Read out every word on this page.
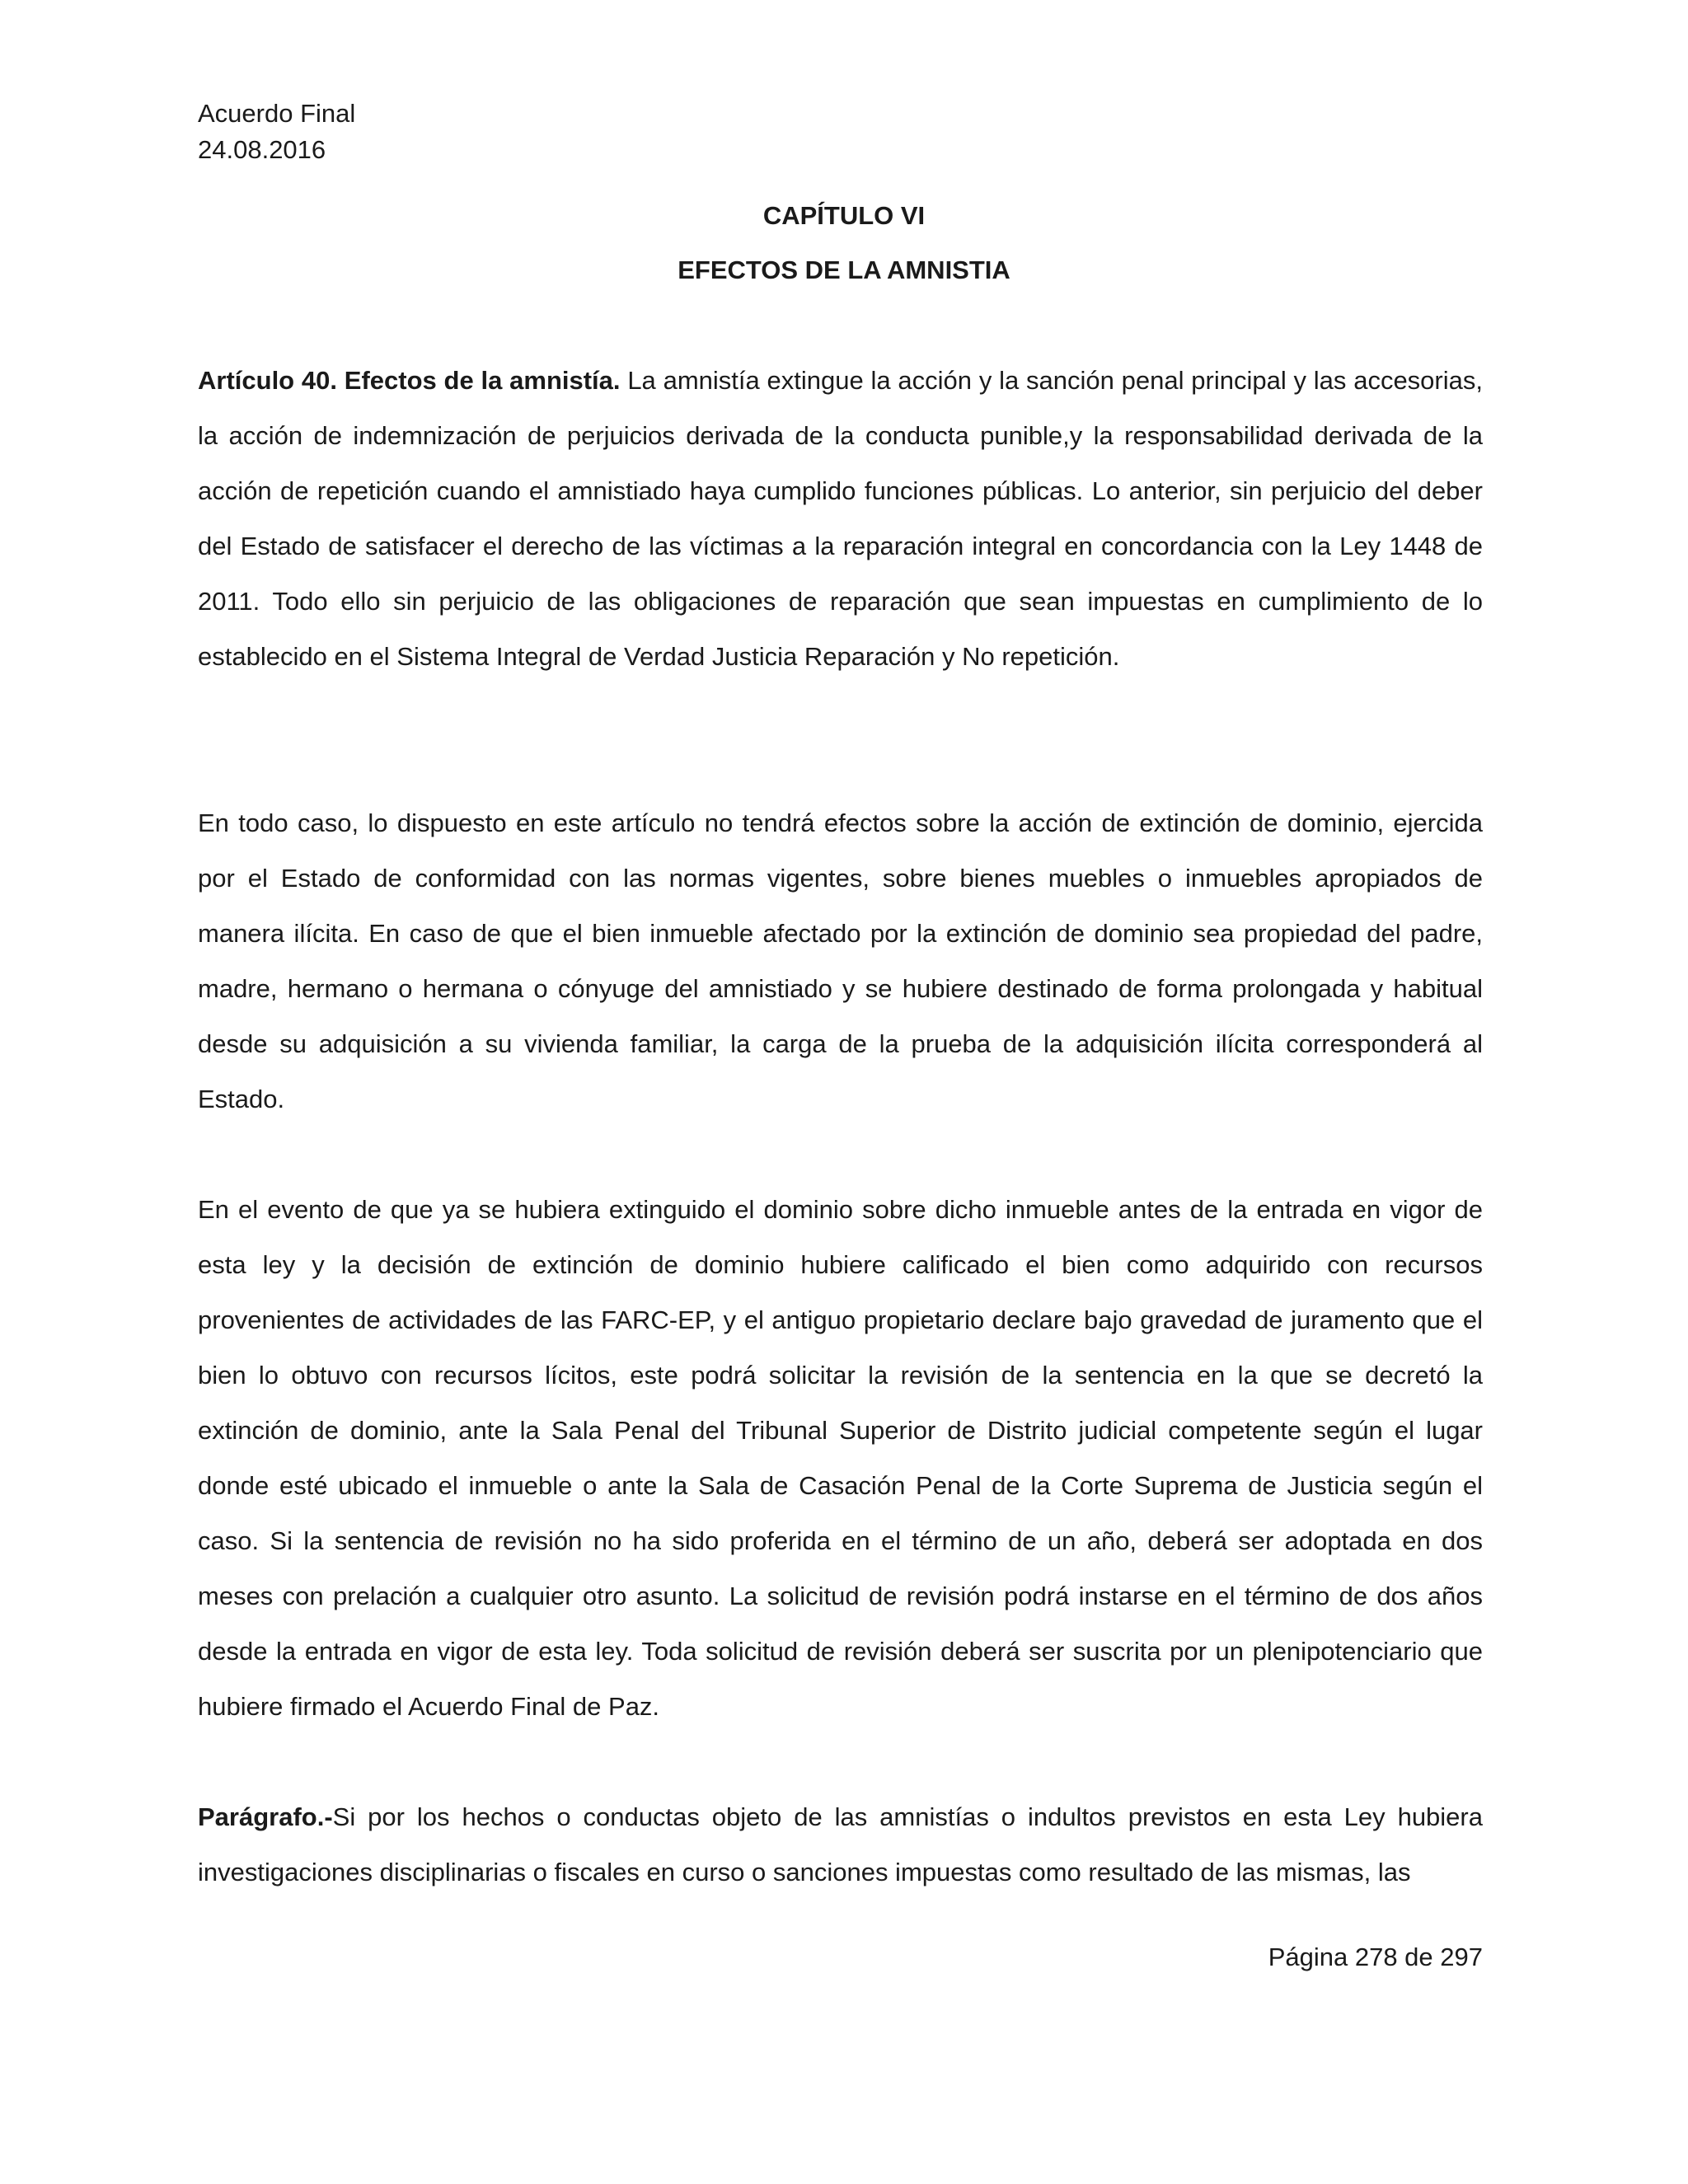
Acuerdo Final
24.08.2016
CAPÍTULO VI
EFECTOS DE LA AMNISTIA

Artículo 40. Efectos de la amnistía. La amnistía extingue la acción y la sanción penal principal y las accesorias, la acción de indemnización de perjuicios derivada de la conducta punible,y la responsabilidad derivada de la acción de repetición cuando el amnistiado haya cumplido funciones públicas. Lo anterior, sin perjuicio del deber del Estado de satisfacer el derecho de las víctimas a la reparación integral en concordancia con la Ley 1448 de 2011. Todo ello sin perjuicio de las obligaciones de reparación que sean impuestas en cumplimiento de lo establecido en el Sistema Integral de Verdad Justicia Reparación y No repetición.

En todo caso, lo dispuesto en este artículo no tendrá efectos sobre la acción de extinción de dominio, ejercida por el Estado de conformidad con las normas vigentes, sobre bienes muebles o inmuebles apropiados de manera ilícita. En caso de que el bien inmueble afectado por la extinción de dominio sea propiedad del padre, madre, hermano o hermana o cónyuge del amnistiado y se hubiere destinado de forma prolongada y habitual desde su adquisición a su vivienda familiar, la carga de la prueba de la adquisición ilícita corresponderá al Estado.

En el evento de que ya se hubiera extinguido el dominio sobre dicho inmueble antes de la entrada en vigor de esta ley y la decisión de extinción de dominio hubiere calificado el bien como adquirido con recursos provenientes de actividades de las FARC-EP, y el antiguo propietario declare bajo gravedad de juramento que el bien lo obtuvo con recursos lícitos, este podrá solicitar la revisión de la sentencia en la que se decretó la extinción de dominio, ante la Sala Penal del Tribunal Superior de Distrito judicial competente según el lugar donde esté ubicado el inmueble o ante la Sala de Casación Penal de la Corte Suprema de Justicia según el caso. Si la sentencia de revisión no ha sido proferida en el término de un año, deberá ser adoptada en dos meses con prelación a cualquier otro asunto. La solicitud de revisión podrá instarse en el término de dos años desde la entrada en vigor de esta ley. Toda solicitud de revisión deberá ser suscrita por un plenipotenciario que hubiere firmado el Acuerdo Final de Paz.

Parágrafo.-Si por los hechos o conductas objeto de las amnistías o indultos previstos en esta Ley hubiera investigaciones disciplinarias o fiscales en curso o sanciones impuestas como resultado de las mismas, las

Página 278 de 297
